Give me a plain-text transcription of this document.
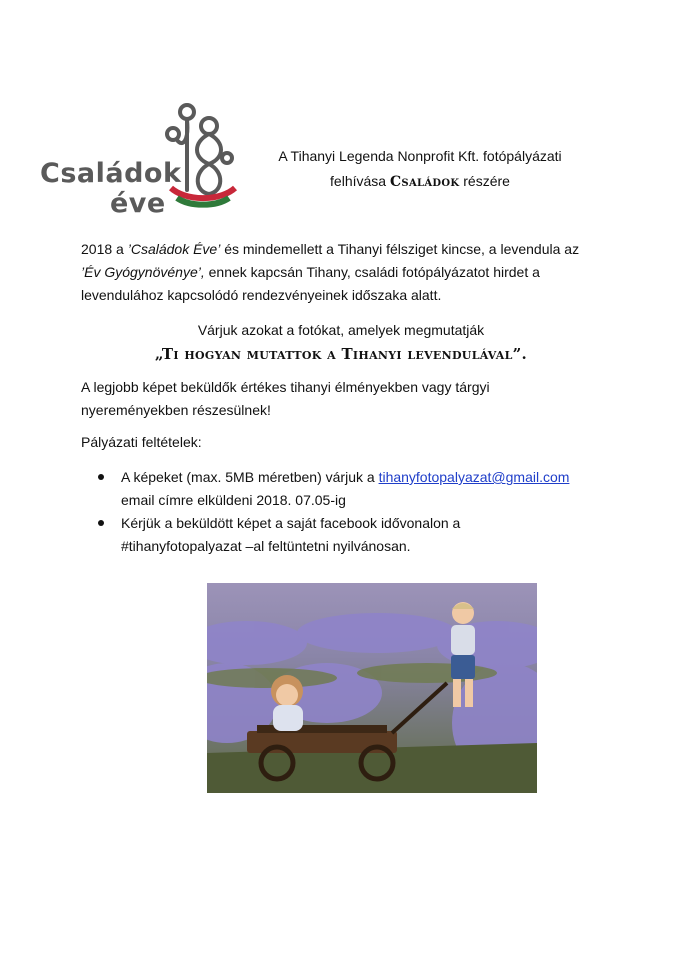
Családok
éve
A Tihanyi Legenda Nonprofit Kft. fotópályázati
felhívása Családok részére
2018 a ’Családok Éve’ és mindemellett a Tihanyi félsziget kincse, a levendula az
’Év Gyógynövénye’, ennek kapcsán Tihany, családi fotópályázatot hirdet a
levendulához kapcsolódó rendezvényeinek időszaka alatt.
Várjuk azokat a fotókat, amelyek megmutatják
„Ti hogyan mutattok a Tihanyi levendulával”.
A legjobb képet beküldők értékes tihanyi élményekben vagy tárgyi
nyereményekben részesülnek!
Pályázati feltételek:
A képeket (max. 5MB méretben) várjuk a tihanyfotopalyazat@gmail.com
email címre elküldeni 2018. 07.05-ig
Kérjük a beküldött képet a saját facebook idővonalon a
#tihanyfotopalyazat –al feltüntetni nyilvánosan.
